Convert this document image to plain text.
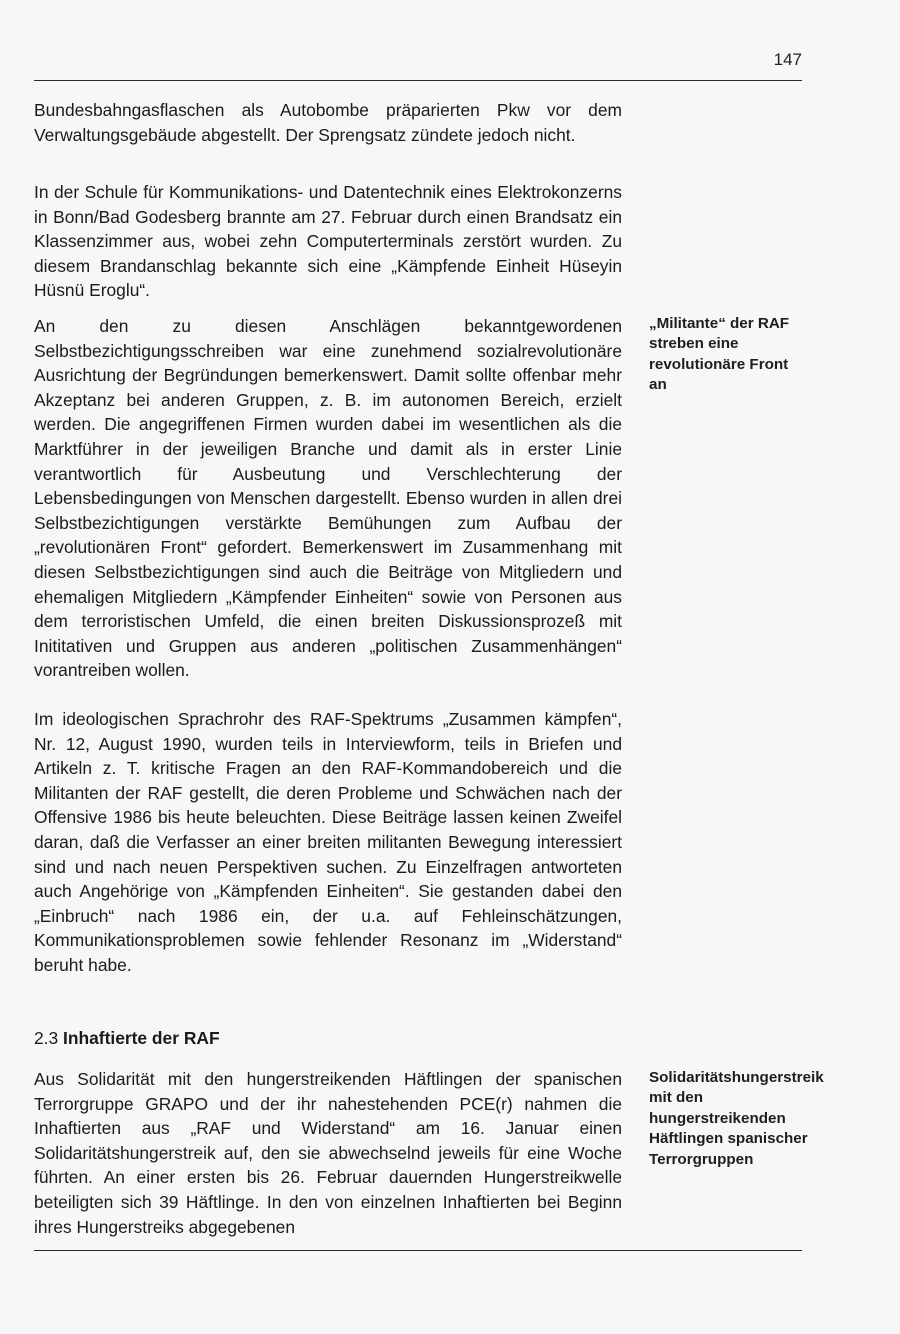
147

Bundesbahngasflaschen als Autobombe präparierten Pkw vor dem Verwaltungsgebäude abgestellt. Der Sprengsatz zündete jedoch nicht.

In der Schule für Kommunikations- und Datentechnik eines Elektrokonzerns in Bonn/Bad Godesberg brannte am 27. Februar durch einen Brandsatz ein Klassenzimmer aus, wobei zehn Computerterminals zerstört wurden. Zu diesem Brandanschlag bekannte sich eine „Kämpfende Einheit Hüseyin Hüsnü Eroglu“.

An den zu diesen Anschlägen bekanntgewordenen Selbstbezichtigungsschreiben war eine zunehmend sozialrevolutionäre Ausrichtung der Begründungen bemerkenswert. Damit sollte offenbar mehr Akzeptanz bei anderen Gruppen, z. B. im autonomen Bereich, erzielt werden. Die angegriffenen Firmen wurden dabei im wesentlichen als die Marktführer in der jeweiligen Branche und damit als in erster Linie verantwortlich für Ausbeutung und Verschlechterung der Lebensbedingungen von Menschen dargestellt. Ebenso wurden in allen drei Selbstbezichtigungen verstärkte Bemühungen zum Aufbau der „revolutionären Front“ gefordert. Bemerkenswert im Zusammenhang mit diesen Selbstbezichtigungen sind auch die Beiträge von Mitgliedern und ehemaligen Mitgliedern „Kämpfender Einheiten“ sowie von Personen aus dem terroristischen Umfeld, die einen breiten Diskussionsprozeß mit Inititativen und Gruppen aus anderen „politischen Zusammenhängen“ vorantreiben wollen.

„Militante“ der RAF streben eine revolutionäre Front an

Im ideologischen Sprachrohr des RAF-Spektrums „Zusammen kämpfen“, Nr. 12, August 1990, wurden teils in Interviewform, teils in Briefen und Artikeln z. T. kritische Fragen an den RAF-Kommandobereich und die Militanten der RAF gestellt, die deren Probleme und Schwächen nach der Offensive 1986 bis heute beleuchten. Diese Beiträge lassen keinen Zweifel daran, daß die Verfasser an einer breiten militanten Bewegung interessiert sind und nach neuen Perspektiven suchen. Zu Einzelfragen antworteten auch Angehörige von „Kämpfenden Einheiten“. Sie gestanden dabei den „Einbruch“ nach 1986 ein, der u.a. auf Fehleinschätzungen, Kommunikationsproblemen sowie fehlender Resonanz im „Widerstand“ beruht habe.

2.3 Inhaftierte der RAF

Aus Solidarität mit den hungerstreikenden Häftlingen der spanischen Terrorgruppe GRAPO und der ihr nahestehenden PCE(r) nahmen die Inhaftierten aus „RAF und Widerstand“ am 16. Januar einen Solidaritätshungerstreik auf, den sie abwechselnd jeweils für eine Woche führten. An einer ersten bis 26. Februar dauernden Hungerstreikwelle beteiligten sich 39 Häftlinge. In den von einzelnen Inhaftierten bei Beginn ihres Hungerstreiks abgegebenen

Solidaritätshungerstreik mit den hungerstreikenden Häftlingen spanischer Terrorgruppen
